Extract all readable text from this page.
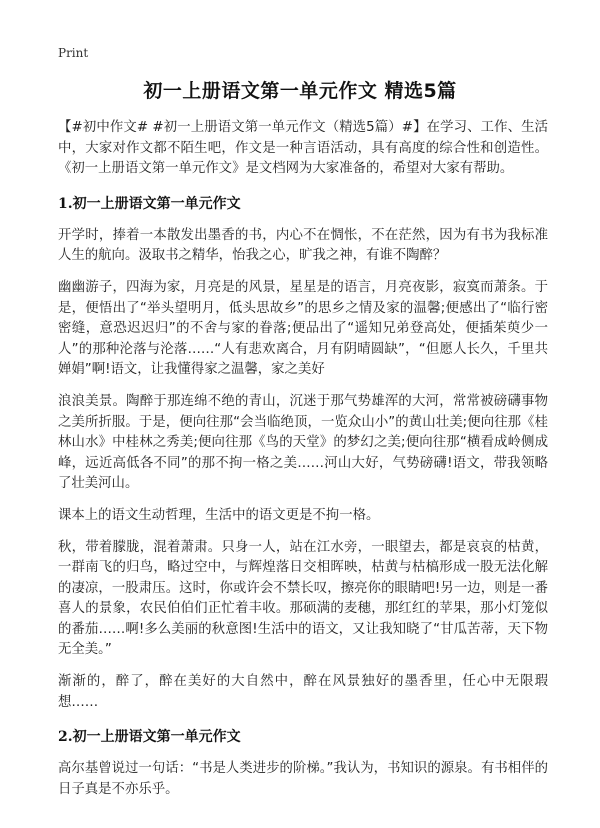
Print
初一上册语文第一单元作文 精选5篇

【#初中作文# #初一上册语文第一单元作文（精选5篇）#】在学习、工作、生活中，大家对作文都不陌生吧，作文是一种言语活动，具有高度的综合性和创造性。《初一上册语文第一单元作文》是文档网为大家准备的，希望对大家有帮助。

1.初一上册语文第一单元作文

开学时，捧着一本散发出墨香的书，内心不在惆怅，不在茫然，因为有书为我标准人生的航向。汲取书之精华，怡我之心，旷我之神，有谁不陶醉？

幽幽游子，四海为家，月亮是的风景，星星是的语言，月亮夜影，寂寞而萧条。于是，便悟出了“举头望明月，低头思故乡”的思乡之情及家的温馨;便感出了“临行密密缝，意恐迟迟归”的不舍与家的眷落;便品出了“遥知兄弟登高处，便插茱萸少一人”的那种沦落与沦落……“人有悲欢离合，月有阴晴圆缺”，“但愿人长久，千里共婵娟”啊!语文，让我懂得家之温馨，家之美好

浪浪美景。陶醉于那连绵不绝的青山，沉迷于那气势雄浑的大河，常常被磅礴事物之美所折服。于是，便向往那“会当临绝顶，一览众山小”的黄山壮美;便向往那《桂林山水》中桂林之秀美;便向往那《鸟的天堂》的梦幻之美;便向往那“横看成岭侧成峰，远近高低各不同”的那不拘一格之美……河山大好，气势磅礴!语文，带我领略了壮美河山。

课本上的语文生动哲理，生活中的语文更是不拘一格。

秋，带着朦胧，混着萧肃。只身一人，站在江水旁，一眼望去，都是哀哀的枯黄，一群南飞的归鸟，略过空中，与辉煌落日交相晖映，枯黄与枯槁形成一股无法化解的凄凉，一股肃压。这时，你或许会不禁长叹，擦亮你的眼睛吧!另一边，则是一番喜人的景象，农民伯伯们正忙着丰收。那硕满的麦穗，那红红的苹果，那小灯笼似的番茄……啊!多么美丽的秋意图!生活中的语文，又让我知晓了“甘瓜苦蒂，天下物无全美。”

渐渐的，醉了，醉在美好的大自然中，醉在风景独好的墨香里，任心中无限瑕想……

2.初一上册语文第一单元作文

高尔基曾说过一句话：“书是人类进步的阶梯。”我认为，书知识的源泉。有书相伴的日子真是不亦乐乎。
